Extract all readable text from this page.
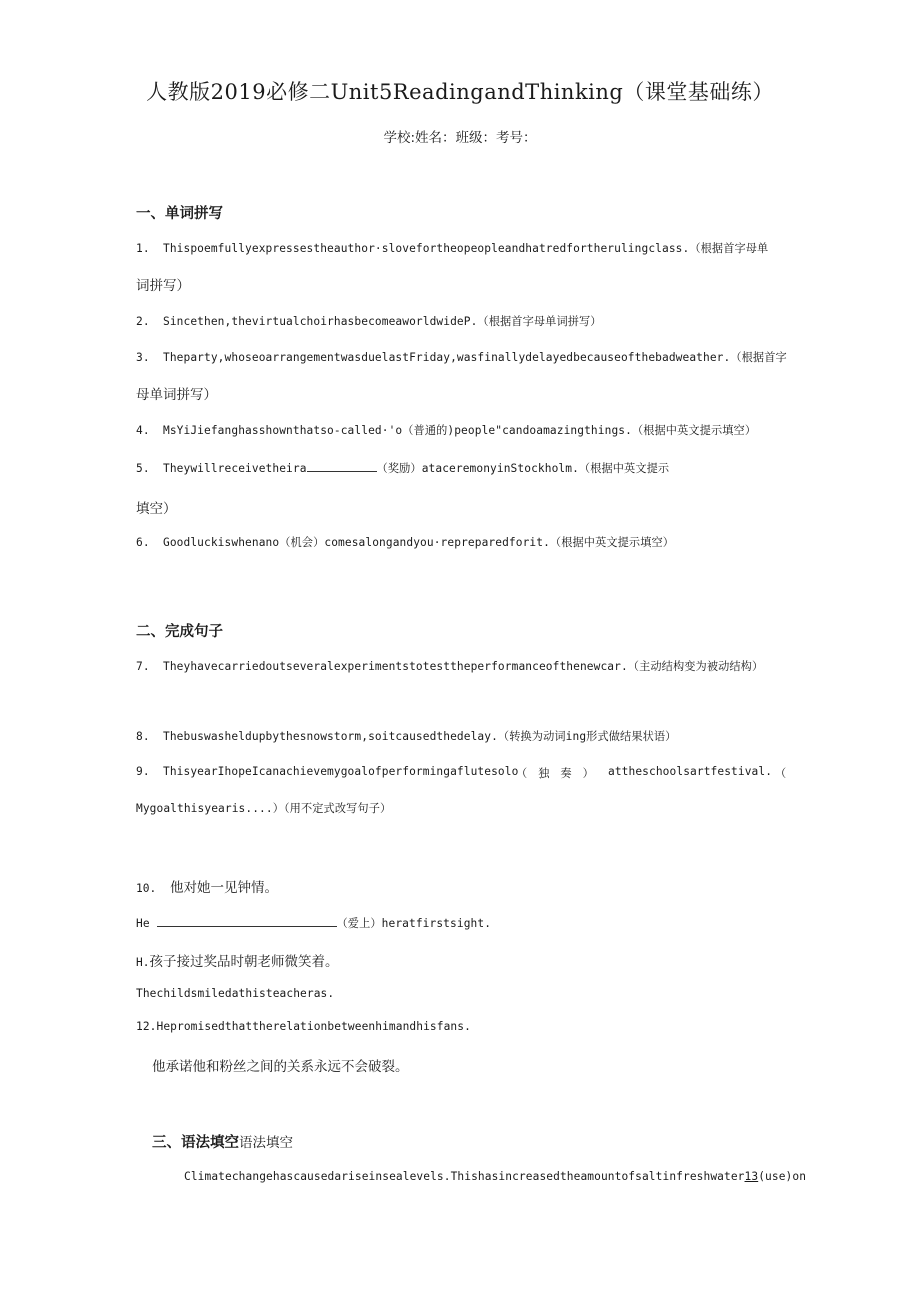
人教版2019必修二Unit5ReadingandThinking（课堂基础练）
学校:姓名：班级：考号：
一、单词拼写
1. Thispoemfullyexpressestheauthor·slovefortheopeopleandhatredfortherulingclass.（根据首字母单
词拼写）
2. Sincethen,thevirtualchoirhasbecomeaworldwideP.（根据首字母单词拼写）
3. Theparty,whoseoarrangementwasduelastFriday,wasfinallydelayedbecauseofthebadweather.（根据首字
母单词拼写）
4. MsYiJiefanghasshownthatso-called·'o（普通的)people"candoamazingthings.（根据中英文提示填空）
5. Theywillreceivetheira	（奖励）ataceremonyinStockholm.（根据中英文提示
填空）
6. Goodluckiswhenano（机会）comesalongandyou·repreparedforit.（根据中英文提示填空）
二、完成句子
7. Theyhavecarriedoutseveralexperimentstotesttheperformanceofthenewcar.（主动结构变为被动结构）
8. Thebuswasheldupbythesnowstorm,soitcausedthedelay.（转换为动词ing形式做结果状语）
9. ThisyearIhopeIcanachievemygoalofperformingaflutesolo
（独奏） attheschoolsartfestival. （
Mygoalthisyearis....）（用不定式改写句子）
10. 他对她一见钟情。
He	（爱上）heratfirstsight.
H.孩子接过奖品时朝老师微笑着。
Thechildsmiledathisteacheras.
12.Hepromisedthattherelationbetweenhimandhisfans.
他承诺他和粉丝之间的关系永远不会破裂。
三、语法填空语法填空
Climatechangehascausedariseinsealevels.Thishasincreasedtheamountofsaltinfreshwater13(use)on
